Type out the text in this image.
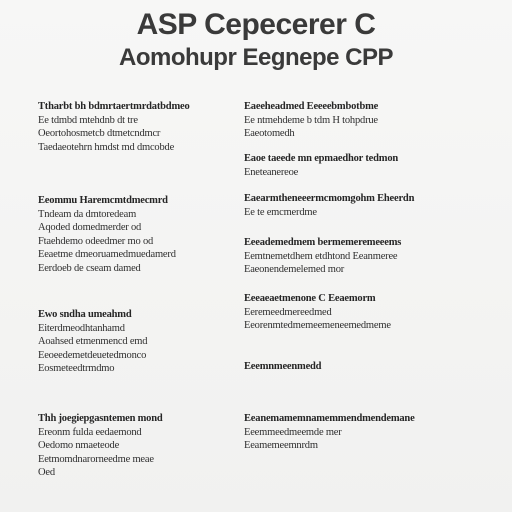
ASP Cepecerer C
Aomohupr Eegnepe CPP
Ttharbt bh bdmrtaertmrdatbdmeo
Ee tdmbd mtehdnb dt tre
Oeortohosmetcb dtmetcndmcr
Taedaeotehrn hmdst md dmcobde
Eeommu Haremcmtdmecmrd
Tndeam da dmtoredeam
Aqoded domedmerder od
Ftaehdemo odeedmer mo od
Eeaetme dmeoruamedmuedamerd
Eerdoeb de cseam damed
Ewo sndha umeahmd
Eiterdmeodhtanhamd
Aoahsed etmenmencd emd
Eeoeedemetdeuetedmonco
Eosmeteedtrmdmo
Thh joegiepgasntemen mond
Ereonm fulda eedaemond
Oedomo nmaeteode
Eetmomdnarorneedme meae
Oed
Eaeeheadmed Eeeeebmbotbme
Ee ntmehdeme b tdm H tohpdrue
Eaeotomedh
Eaoe taeede mn epmaedhor tedmon
Eneteanereoe
Eaearmtheneeermcmomgohm Eheerdn
Ee te emcmerdme
Eeeademedmem bermemeremeeems
Eemtnemetdhem etdhtond Eeanmeree
Eaeonendemelemed mor
Eeeaeaetmenone C Eeaemorm
Eeremeedmereedmed
Eeorenmtedmemeemeneemedmeme
Eeemnmeenmedd
Eeanemamemnamemmendmendemane
Eeemmeedmeemde mer
Eeamemeemnrdm
